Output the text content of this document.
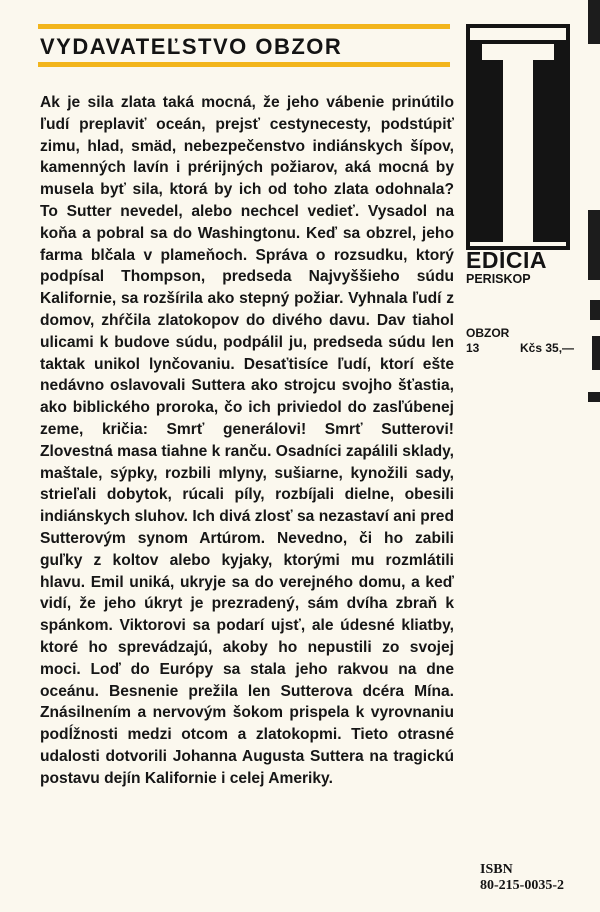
VYDAVATEĽSTVO OBZOR
Ak je sila zlata taká mocná, že jeho vábenie prinútilo ľudí preplaviť oceán, prejsť cestynecesty, podstúpiť zimu, hlad, smäd, nebezpečenstvo indiánskych šípov, kamenných lavín i prérijných požiarov, aká mocná by musela byť sila, ktorá by ich od toho zlata odohnala? To Sutter nevedel, alebo nechcel vedieť. Vysadol na koňa a pobral sa do Washingtonu. Keď sa obzrel, jeho farma blčala v plameňoch. Správa o rozsudku, ktorý podpísal Thompson, predseda Najvyššieho súdu Kalifornie, sa rozšírila ako stepný požiar. Vyhnala ľudí z domov, zhŕčila zlatokopov do divého davu. Dav tiahol ulicami k budove súdu, podpálil ju, predseda súdu len taktak unikol lynčovaniu. Desaťtisíce ľudí, ktorí ešte nedávno oslavovali Suttera ako strojcu svojho šťastia, ako biblického proroka, čo ich priviedol do zasľúbenej zeme, kričia: Smrť generálovi! Smrť Sutterovi! Zlovestná masa tiahne k ranču. Osadníci zapálili sklady, maštale, sýpky, rozbili mlyny, sušiarne, kynožili sady, strieľali dobytok, rúcali píly, rozbíjali dielne, obesili indiánskych sluhov. Ich divá zlosť sa nezastaví ani pred Sutterovým synom Artúrom. Nevedno, či ho zabili guľky z koltov alebo kyjaky, ktorými mu rozmlátili hlavu. Emil uniká, ukryje sa do verejného domu, a keď vidí, že jeho úkryt je prezradený, sám dvíha zbraň k spánkom. Viktorovi sa podarí ujsť, ale údesné kliatby, ktoré ho sprevádzajú, akoby ho nepustili zo svojej moci. Loď do Európy sa stala jeho rakvou na dne oceánu. Besnenie prežila len Sutterova dcéra Mína. Znásilnením a nervovým šokom prispela k vyrovnaniu podĺžnosti medzi otcom a zlatokopmi. Tieto otrasné udalosti dotvorili Johanna Augusta Suttera na tragickú postavu dejín Kalifornie i celej Ameriky.
EDÍCIA
PERISKOP
OBZOR
13	Kčs 35,—
ISBN
80-215-0035-2
